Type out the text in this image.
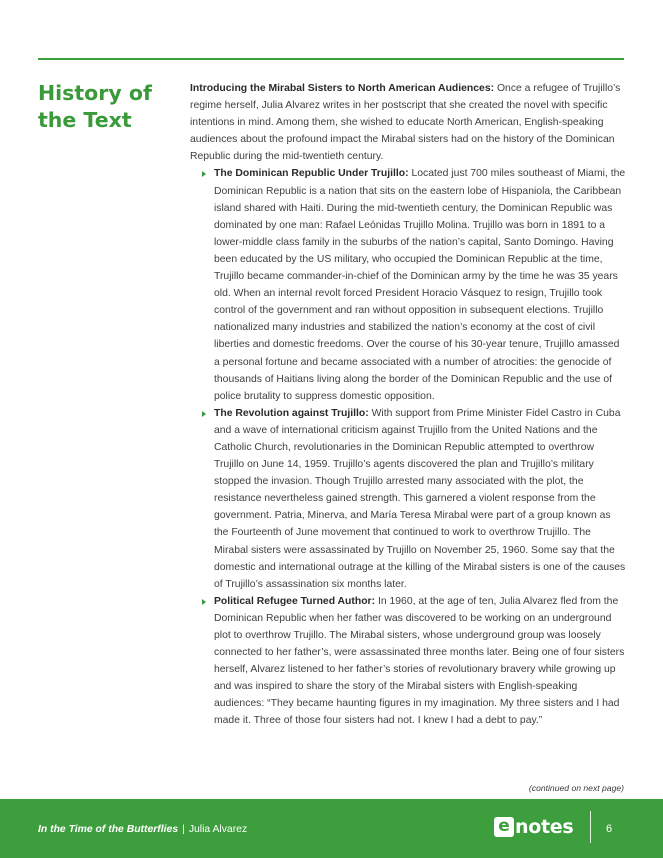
History of the Text

Introducing the Mirabal Sisters to North American Audiences: Once a refugee of Trujillo’s regime herself, Julia Alvarez writes in her postscript that she created the novel with specific intentions in mind. Among them, she wished to educate North American, English-speaking audiences about the profound impact the Mirabal sisters had on the history of the Dominican Republic during the mid-twentieth century.

The Dominican Republic Under Trujillo: Located just 700 miles southeast of Miami, the Dominican Republic is a nation that sits on the eastern lobe of Hispaniola, the Caribbean island shared with Haiti. During the mid-twentieth century, the Dominican Republic was dominated by one man: Rafael Leónidas Trujillo Molina. Trujillo was born in 1891 to a lower-middle class family in the suburbs of the nation’s capital, Santo Domingo. Having been educated by the US military, who occupied the Dominican Republic at the time, Trujillo became commander-in-chief of the Dominican army by the time he was 35 years old. When an internal revolt forced President Horacio Vásquez to resign, Trujillo took control of the government and ran without opposition in subsequent elections. Trujillo nationalized many industries and stabilized the nation’s economy at the cost of civil liberties and domestic freedoms. Over the course of his 30-year tenure, Trujillo amassed a personal fortune and became associated with a number of atrocities: the genocide of thousands of Haitians living along the border of the Dominican Republic and the use of police brutality to suppress domestic opposition.
The Revolution against Trujillo: With support from Prime Minister Fidel Castro in Cuba and a wave of international criticism against Trujillo from the United Nations and the Catholic Church, revolutionaries in the Dominican Republic attempted to overthrow Trujillo on June 14, 1959. Trujillo’s agents discovered the plan and Trujillo’s military stopped the invasion. Though Trujillo arrested many associated with the plot, the resistance nevertheless gained strength. This garnered a violent response from the government. Patria, Minerva, and María Teresa Mirabal were part of a group known as the Fourteenth of June movement that continued to work to overthrow Trujillo. The Mirabal sisters were assassinated by Trujillo on November 25, 1960. Some say that the domestic and international outrage at the killing of the Mirabal sisters is one of the causes of Trujillo’s assassination six months later.
Political Refugee Turned Author: In 1960, at the age of ten, Julia Alvarez fled from the Dominican Republic when her father was discovered to be working on an underground plot to overthrow Trujillo. The Mirabal sisters, whose underground group was loosely connected to her father’s, were assassinated three months later. Being one of four sisters herself, Alvarez listened to her father’s stories of revolutionary bravery while growing up and was inspired to share the story of the Mirabal sisters with English-speaking audiences: “They became haunting figures in my imagination. My three sisters and I had made it. Three of those four sisters had not. I knew I had a debt to pay.”
(continued on next page)
In the Time of the Butterflies | Julia Alvarez	e notes	6
